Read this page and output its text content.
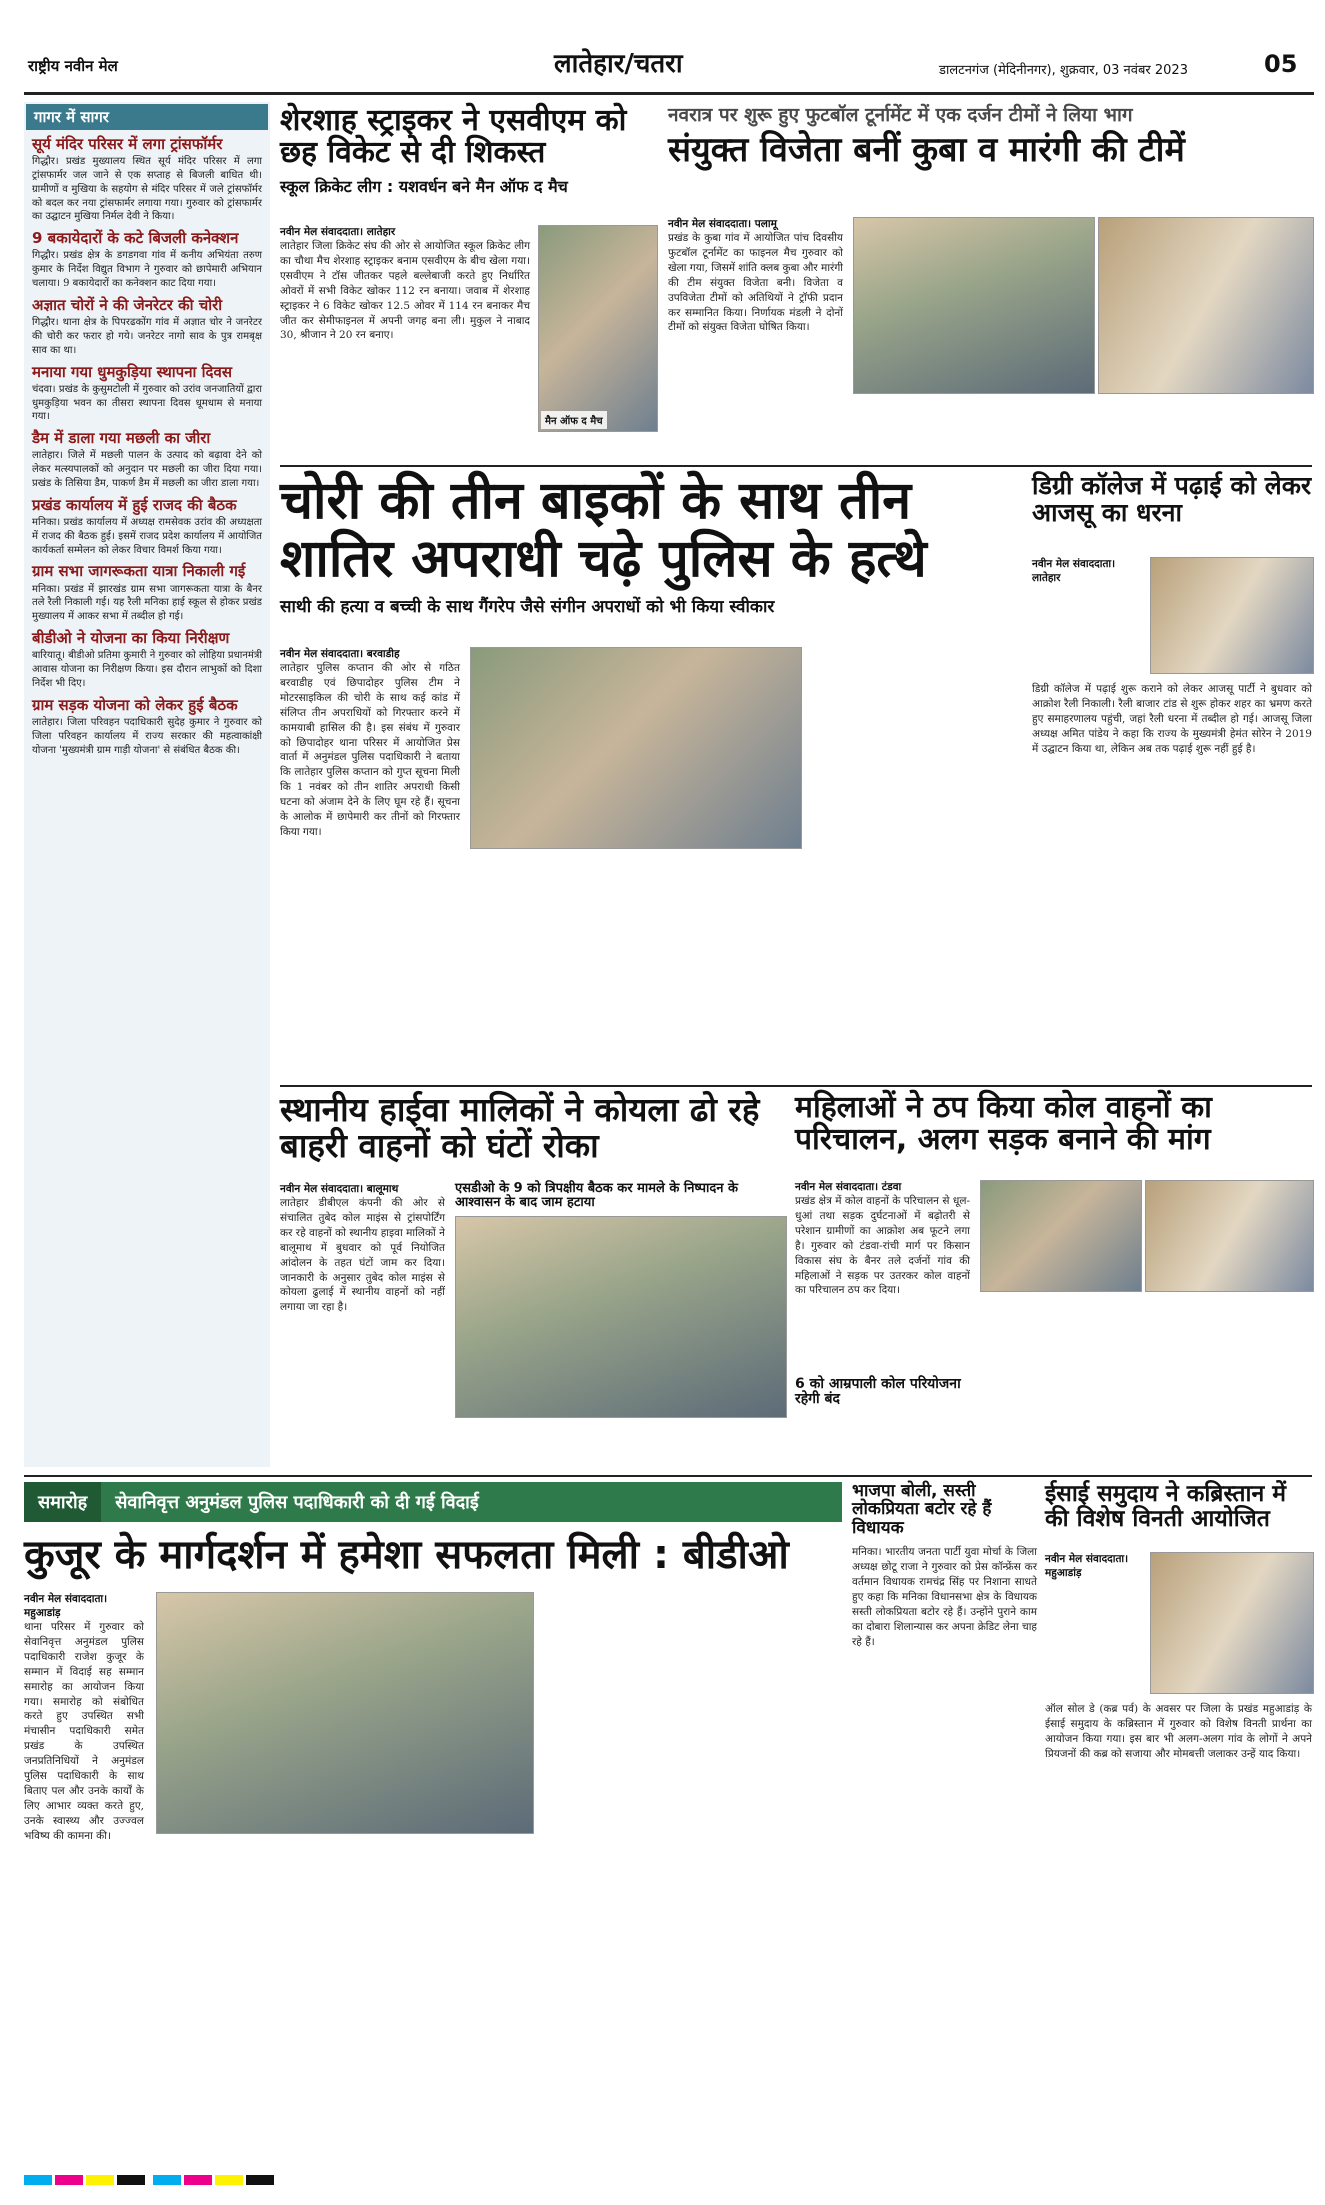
राष्ट्रीय नवीन मेल	लातेहार/चतरा	डालटनगंज (मेदिनीनगर), शुक्रवार, 03 नवंबर 2023	05
गागर में सागर
सूर्य मंदिर परिसर में लगा ट्रांसफॉर्मर

गिद्धौर। प्रखंड मुख्यालय स्थित सूर्य मंदिर परिसर में लगा ट्रांसफार्मर जल जाने से एक सप्ताह से बिजली बाधित थी। ग्रामीणों व मुखिया के सहयोग से मंदिर परिसर में जले ट्रांसफॉर्मर को बदल कर नया ट्रांसफार्मर लगाया गया। गुरुवार को ट्रांसफार्मर का उद्घाटन मुखिया निर्मल देवी ने किया।

9 बकायेदारों के कटे बिजली कनेक्शन

गिद्धौर। प्रखंड क्षेत्र के डगडगवा गांव में कनीय अभियंता तरुण कुमार के निर्देश विद्युत विभाग ने गुरुवार को छापेमारी अभियान चलाया। 9 बकायेदारों का कनेक्शन काट दिया गया।

अज्ञात चोरों ने की जेनरेटर की चोरी

गिद्धौर। थाना क्षेत्र के पिपरढकोंग गांव में अज्ञात चोर ने जनरेटर की चोरी कर फरार हो गये। जनरेटर नागो साव के पुत्र रामबृक्ष साव का था।

मनाया गया धुमकुड़िया स्थापना दिवस

चंदवा। प्रखंड के कुसुमटोली में गुरुवार को उरांव जनजातियों द्वारा धुमकुड़िया भवन का तीसरा स्थापना दिवस धूमधाम से मनाया गया।

डैम में डाला गया मछली का जीरा

लातेहार। जिले में मछली पालन के उत्पाद को बढ़ावा देने को लेकर मत्स्यपालकों को अनुदान पर मछली का जीरा दिया गया। प्रखंड के तिसिया डैम, पाकर्ण डैम में मछली का जीरा डाला गया।

प्रखंड कार्यालय में हुई राजद की बैठक

मनिका। प्रखंड कार्यालय में अध्यक्ष रामसेवक उरांव की अध्यक्षता में राजद की बैठक हुई। इसमें राजद प्रदेश कार्यालय में आयोजित कार्यकर्ता सम्मेलन को लेकर विचार विमर्श किया गया।

ग्राम सभा जागरूकता यात्रा निकाली गई

मनिका। प्रखंड में झारखंड ग्राम सभा जागरूकता यात्रा के बैनर तले रैली निकाली गई। यह रैली मनिका हाई स्कूल से होकर प्रखंड मुख्यालय में आकर सभा में तब्दील हो गई।

बीडीओ ने योजना का किया निरीक्षण

बारियातू। बीडीओ प्रतिमा कुमारी ने गुरुवार को लोहिया प्रधानमंत्री आवास योजना का निरीक्षण किया। इस दौरान लाभुकों को दिशा निर्देश भी दिए।

ग्राम सड़क योजना को लेकर हुई बैठक

लातेहार। जिला परिवहन पदाधिकारी सुदेह कुमार ने गुरुवार को जिला परिवहन कार्यालय में राज्य सरकार की महत्वाकांक्षी योजना 'मुख्यमंत्री ग्राम गाड़ी योजना' से संबंधित बैठक की।

शेरशाह स्ट्राइकर ने एसवीएम को छह विकेट से दी शिकस्त
स्कूल क्रिकेट लीग : यशवर्धन बने मैन ऑफ द मैच
नवीन मेल संवाददाता। लातेहार

लातेहार जिला क्रिकेट संघ की ओर से आयोजित स्कूल क्रिकेट लीग का चौथा मैच शेरशाह स्ट्राइकर बनाम एसवीएम के बीच खेला गया। एसवीएम ने टॉस जीतकर पहले बल्लेबाजी करते हुए निर्धारित ओवरों में सभी विकेट खोकर 112 रन बनाया। जवाब में शेरशाह स्ट्राइकर ने 6 विकेट खोकर 12.5 ओवर में 114 रन बनाकर मैच जीत कर सेमीफाइनल में अपनी जगह बना ली। मुकुल ने नाबाद 30, श्रीजान ने 20 रन बनाए।

मैन ऑफ द मैच
नवरात्र पर शुरू हुए फुटबॉल टूर्नामेंट में एक दर्जन टीमों ने लिया भाग
संयुक्त विजेता बनीं कुबा व मारंगी की टीमें
नवीन मेल संवाददाता। पलामू

प्रखंड के कुबा गांव में आयोजित पांच दिवसीय फुटबॉल टूर्नामेंट का फाइनल मैच गुरुवार को खेला गया, जिसमें शांति क्लब कुबा और मारंगी की टीम संयुक्त विजेता बनी। विजेता व उपविजेता टीमों को अतिथियों ने ट्रॉफी प्रदान कर सम्मानित किया। निर्णायक मंडली ने दोनों टीमों को संयुक्त विजेता घोषित किया।

चोरी की तीन बाइकों के साथ तीन शातिर अपराधी चढ़े पुलिस के हत्थे
साथी की हत्या व बच्ची के साथ गैंगरेप जैसे संगीन अपराधों को भी किया स्वीकार
नवीन मेल संवाददाता। बरवाडीह

लातेहार पुलिस कप्तान की ओर से गठित बरवाडीह एवं छिपादोहर पुलिस टीम ने मोटरसाइकिल की चोरी के साथ कई कांड में संलिप्त तीन अपराधियों को गिरफ्तार करने में कामयाबी हासिल की है। इस संबंध में गुरुवार को छिपादोहर थाना परिसर में आयोजित प्रेस वार्ता में अनुमंडल पुलिस पदाधिकारी ने बताया कि लातेहार पुलिस कप्तान को गुप्त सूचना मिली कि 1 नवंबर को तीन शातिर अपराधी किसी घटना को अंजाम देने के लिए घूम रहे हैं। सूचना के आलोक में छापेमारी कर तीनों को गिरफ्तार किया गया।

डिग्री कॉलेज में पढ़ाई को लेकर आजसू का धरना
नवीन मेल संवाददाता। लातेहार

डिग्री कॉलेज में पढ़ाई शुरू कराने को लेकर आजसू पार्टी ने बुधवार को आक्रोश रैली निकाली। रैली बाजार टांड से शुरू होकर शहर का भ्रमण करते हुए समाहरणालय पहुंची, जहां रैली धरना में तब्दील हो गई। आजसू जिला अध्यक्ष अमित पांडेय ने कहा कि राज्य के मुख्यमंत्री हेमंत सोरेन ने 2019 में उद्घाटन किया था, लेकिन अब तक पढ़ाई शुरू नहीं हुई है।

स्थानीय हाईवा मालिकों ने कोयला ढो रहे बाहरी वाहनों को घंटों रोका
नवीन मेल संवाददाता। बालूमाथ

लातेहार डीबीएल कंपनी की ओर से संचालित तुबेद कोल माइंस से ट्रांसपोर्टिंग कर रहे वाहनों को स्थानीय हाइवा मालिकों ने बालूमाथ में बुधवार को पूर्व नियोजित आंदोलन के तहत घंटों जाम कर दिया। जानकारी के अनुसार तुबेद कोल माइंस से कोयला ढुलाई में स्थानीय वाहनों को नहीं लगाया जा रहा है।

एसडीओ के 9 को त्रिपक्षीय बैठक कर मामले के निष्पादन के आश्वासन के बाद जाम हटाया
महिलाओं ने ठप किया कोल वाहनों का परिचालन, अलग सड़क बनाने की मांग
नवीन मेल संवाददाता। टंडवा

प्रखंड क्षेत्र में कोल वाहनों के परिचालन से धूल-धुआं तथा सड़क दुर्घटनाओं में बढ़ोतरी से परेशान ग्रामीणों का आक्रोश अब फूटने लगा है। गुरुवार को टंडवा-रांची मार्ग पर किसान विकास संघ के बैनर तले दर्जनों गांव की महिलाओं ने सड़क पर उतरकर कोल वाहनों का परिचालन ठप कर दिया।

6 को आम्रपाली कोल परियोजना रहेगी बंद
समारोह	सेवानिवृत्त अनुमंडल पुलिस पदाधिकारी को दी गई विदाई
कुजूर के मार्गदर्शन में हमेशा सफलता मिली : बीडीओ
नवीन मेल संवाददाता। महुआडांड़

थाना परिसर में गुरुवार को सेवानिवृत्त अनुमंडल पुलिस पदाधिकारी राजेश कुजूर के सम्मान में विदाई सह सम्मान समारोह का आयोजन किया गया। समारोह को संबोधित करते हुए उपस्थित सभी मंचासीन पदाधिकारी समेत प्रखंड के उपस्थित जनप्रतिनिधियों ने अनुमंडल पुलिस पदाधिकारी के साथ बिताए पल और उनके कार्यों के लिए आभार व्यक्त करते हुए, उनके स्वास्थ्य और उज्ज्वल भविष्य की कामना की।

भाजपा बोली, सस्ती लोकप्रियता बटोर रहे हैं विधायक

मनिका। भारतीय जनता पार्टी युवा मोर्चा के जिला अध्यक्ष छोटू राजा ने गुरुवार को प्रेस कॉन्फ्रेंस कर वर्तमान विधायक रामचंद्र सिंह पर निशाना साधते हुए कहा कि मनिका विधानसभा क्षेत्र के विधायक सस्ती लोकप्रियता बटोर रहे हैं। उन्होंने पुराने काम का दोबारा शिलान्यास कर अपना क्रेडिट लेना चाह रहे हैं।

ईसाई समुदाय ने कब्रिस्तान में की विशेष विनती आयोजित
नवीन मेल संवाददाता। महुआडांड़

ऑल सोल डे (कब्र पर्व) के अवसर पर जिला के प्रखंड महुआडांड़ के ईसाई समुदाय के कब्रिस्तान में गुरुवार को विशेष विनती प्रार्थना का आयोजन किया गया। इस बार भी अलग-अलग गांव के लोगों ने अपने प्रियजनों की कब्र को सजाया और मोमबत्ती जलाकर उन्हें याद किया।
